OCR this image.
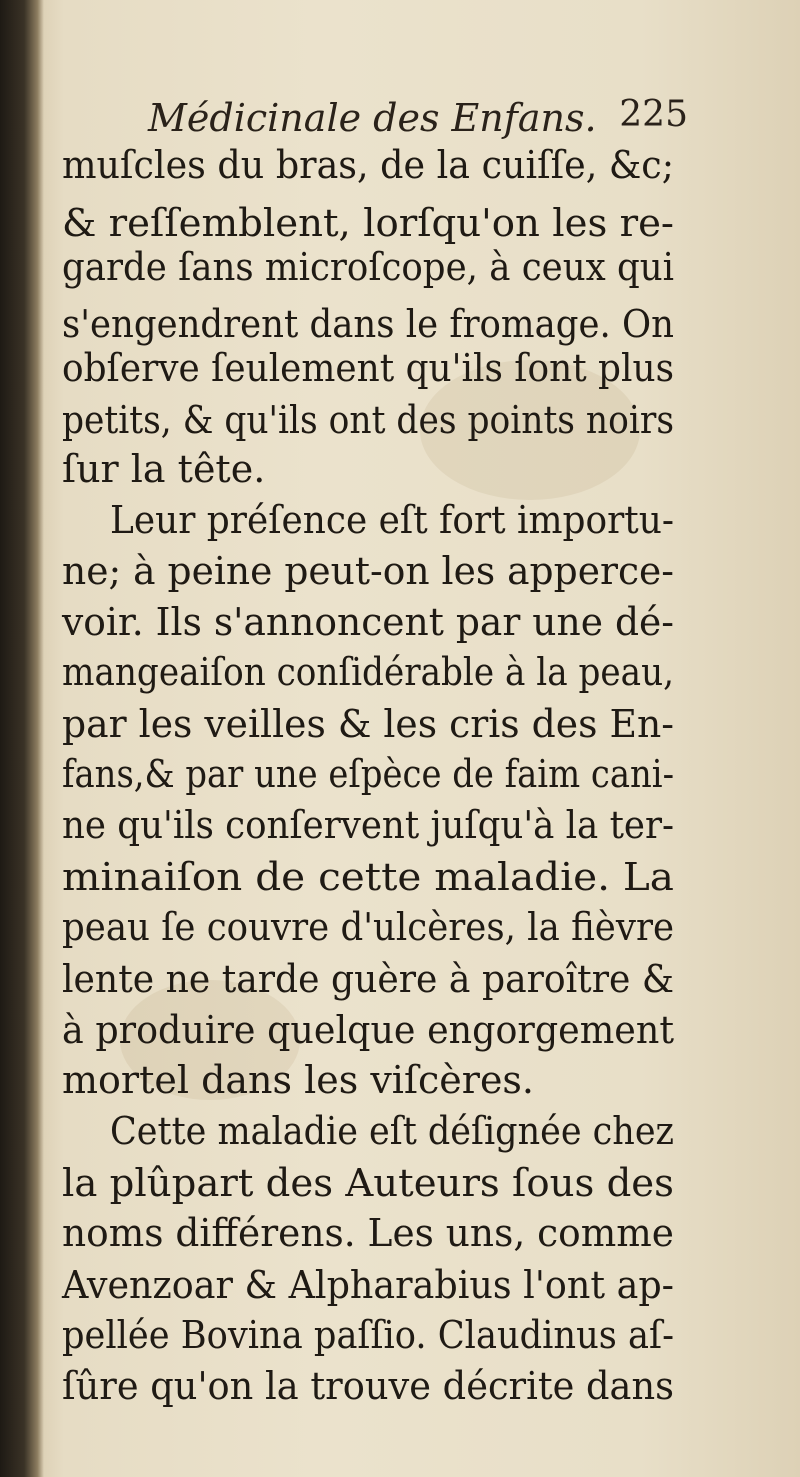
Médicinale des Enfans. 225
muſcles du bras, de la cuiſſe, &c;
& reſſemblent, lorſqu'on les re-
garde ſans microſcope, à ceux qui
s'engendrent dans le fromage. On
obſerve ſeulement qu'ils ſont plus
petits, & qu'ils ont des points noirs
ſur la tête.
Leur préſence eſt fort importu-
ne; à peine peut-on les apperce-
voir. Ils s'annoncent par une dé-
mangeaiſon conſidérable à la peau,
par les veilles & les cris des En-
fans,& par une eſpèce de faim cani-
ne qu'ils conſervent juſqu'à la ter-
minaiſon de cette maladie. La
peau ſe couvre d'ulcères, la fièvre
lente ne tarde guère à paroître &
à produire quelque engorgement
mortel dans les viſcères.
Cette maladie eſt déſignée chez
la plûpart des Auteurs ſous des
noms différens. Les uns, comme
Avenzoar & Alpharabius l'ont ap-
pellée Bovina paſſio. Claudinus aſ-
ſûre qu'on la trouve décrite dans
